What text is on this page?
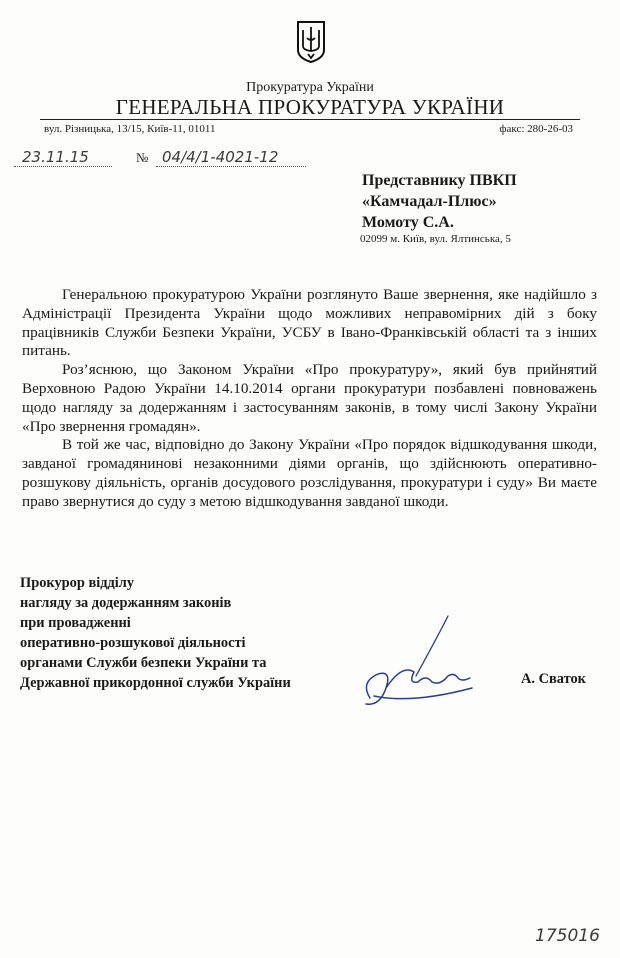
Прокуратура України
ГЕНЕРАЛЬНА ПРОКУРАТУРА УКРАЇНИ
вул. Різницька, 13/15, Київ-11, 01011	факс: 280-26-03
23.11.15	№ 04/4/1-4021-12
Представнику ПВКП
«Камчадал-Плюс»
Момоту С.А.
02099 м. Київ, вул. Ялтинська, 5

Генеральною прокуратурою України розглянуто Ваше звернення, яке надійшло з Адміністрації Президента України щодо можливих неправомірних дій з боку працівників Служби Безпеки України, УСБУ в Івано-Франківській області та з інших питань.

Роз’яснюю, що Законом України «Про прокуратуру», який був прийнятий Верховною Радою України 14.10.2014 органи прокуратури позбавлені повноважень щодо нагляду за додержанням і застосуванням законів, в тому числі Закону України «Про звернення громадян».

В той же час, відповідно до Закону України «Про порядок відшкодування шкоди, завданої громадянинові незаконними діями органів, що здійснюють оперативно-розшукову діяльність, органів досудового розслідування, прокуратури і суду» Ви маєте право звернутися до суду з метою відшкодування завданої шкоди.

Прокурор відділу
нагляду за додержанням законів
при провадженні
оперативно-розшукової діяльності
органами Служби безпеки України та
Державної прикордонної служби України	А. Сваток
175016
